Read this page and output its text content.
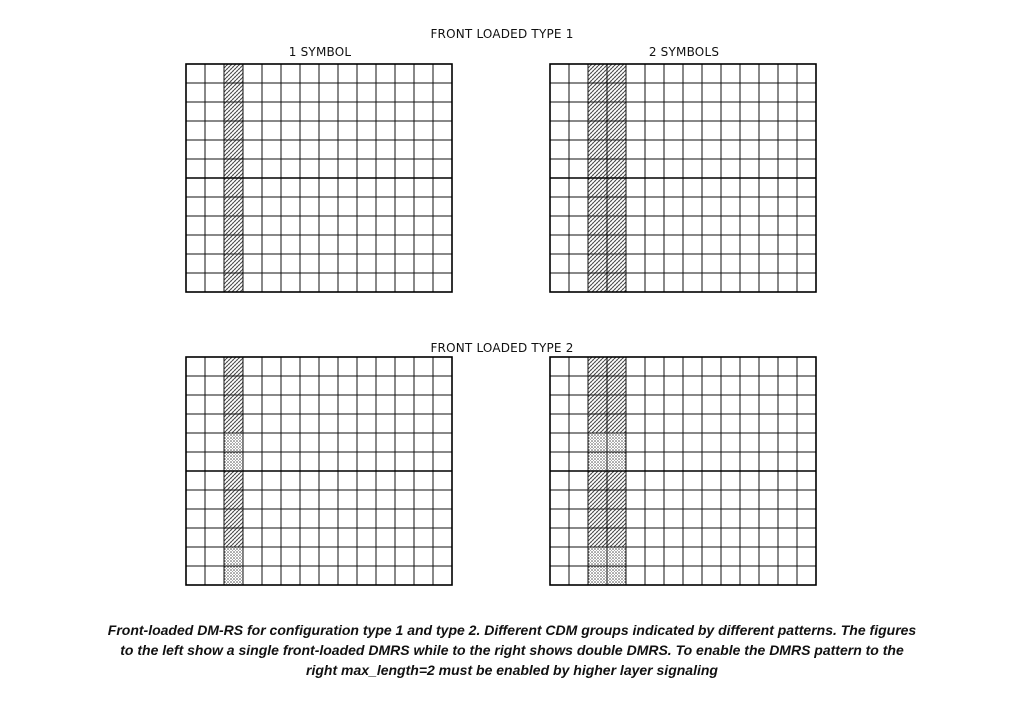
FRONT LOADED TYPE 1
1 SYMBOL	2 SYMBOLS
FRONT LOADED TYPE 2
Front-loaded DM-RS for configuration type 1 and type 2. Different CDM groups indicated by different patterns. The figures
to the left show a single front-loaded DMRS while to the right shows double DMRS. To enable the DMRS pattern to the
right max_length=2 must be enabled by higher layer signaling
